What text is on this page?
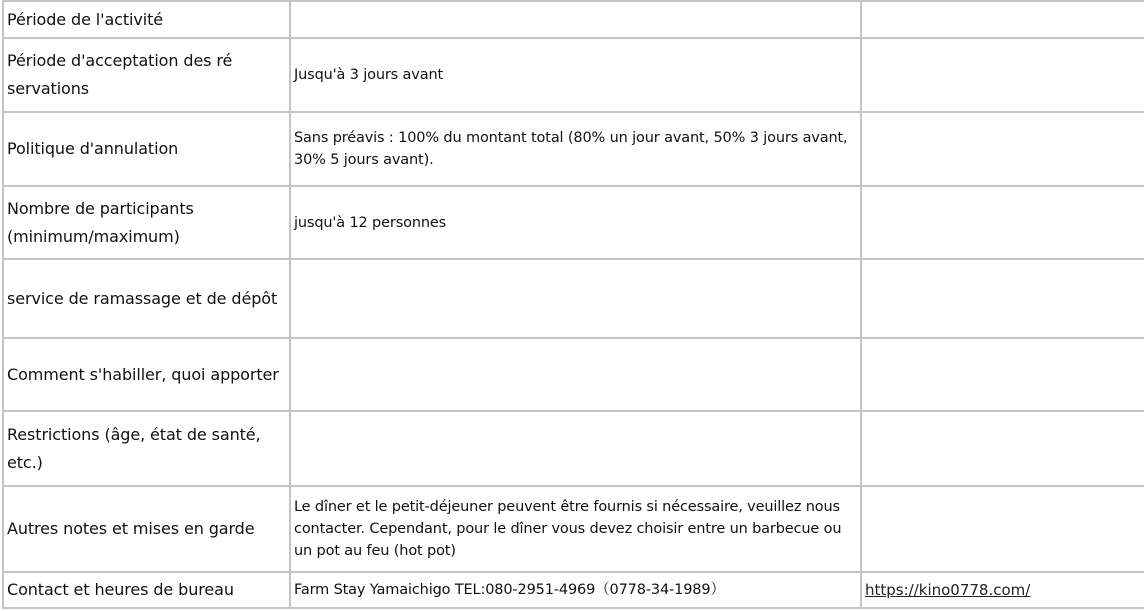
Période de l'activité		
Période d'acceptation des ré servations	Jusqu'à 3 jours avant	
Politique d'annulation	Sans préavis : 100% du montant total (80% un jour avant, 50% 3 jours avant, 30% 5 jours avant).	
Nombre de participants (minimum/maximum)	jusqu'à 12 personnes	
service de ramassage et de dépôt		
Comment s'habiller, quoi apporter		
Restrictions (âge, état de santé, etc.)		
Autres notes et mises en garde	Le dîner et le petit-déjeuner peuvent être fournis si nécessaire, veuillez nous contacter. Cependant, pour le dîner vous devez choisir entre un barbecue ou un pot au feu (hot pot)	
Contact et heures de bureau	Farm Stay Yamaichigo TEL:080-2951-4969（0778-34-1989）	https://kino0778.com/
